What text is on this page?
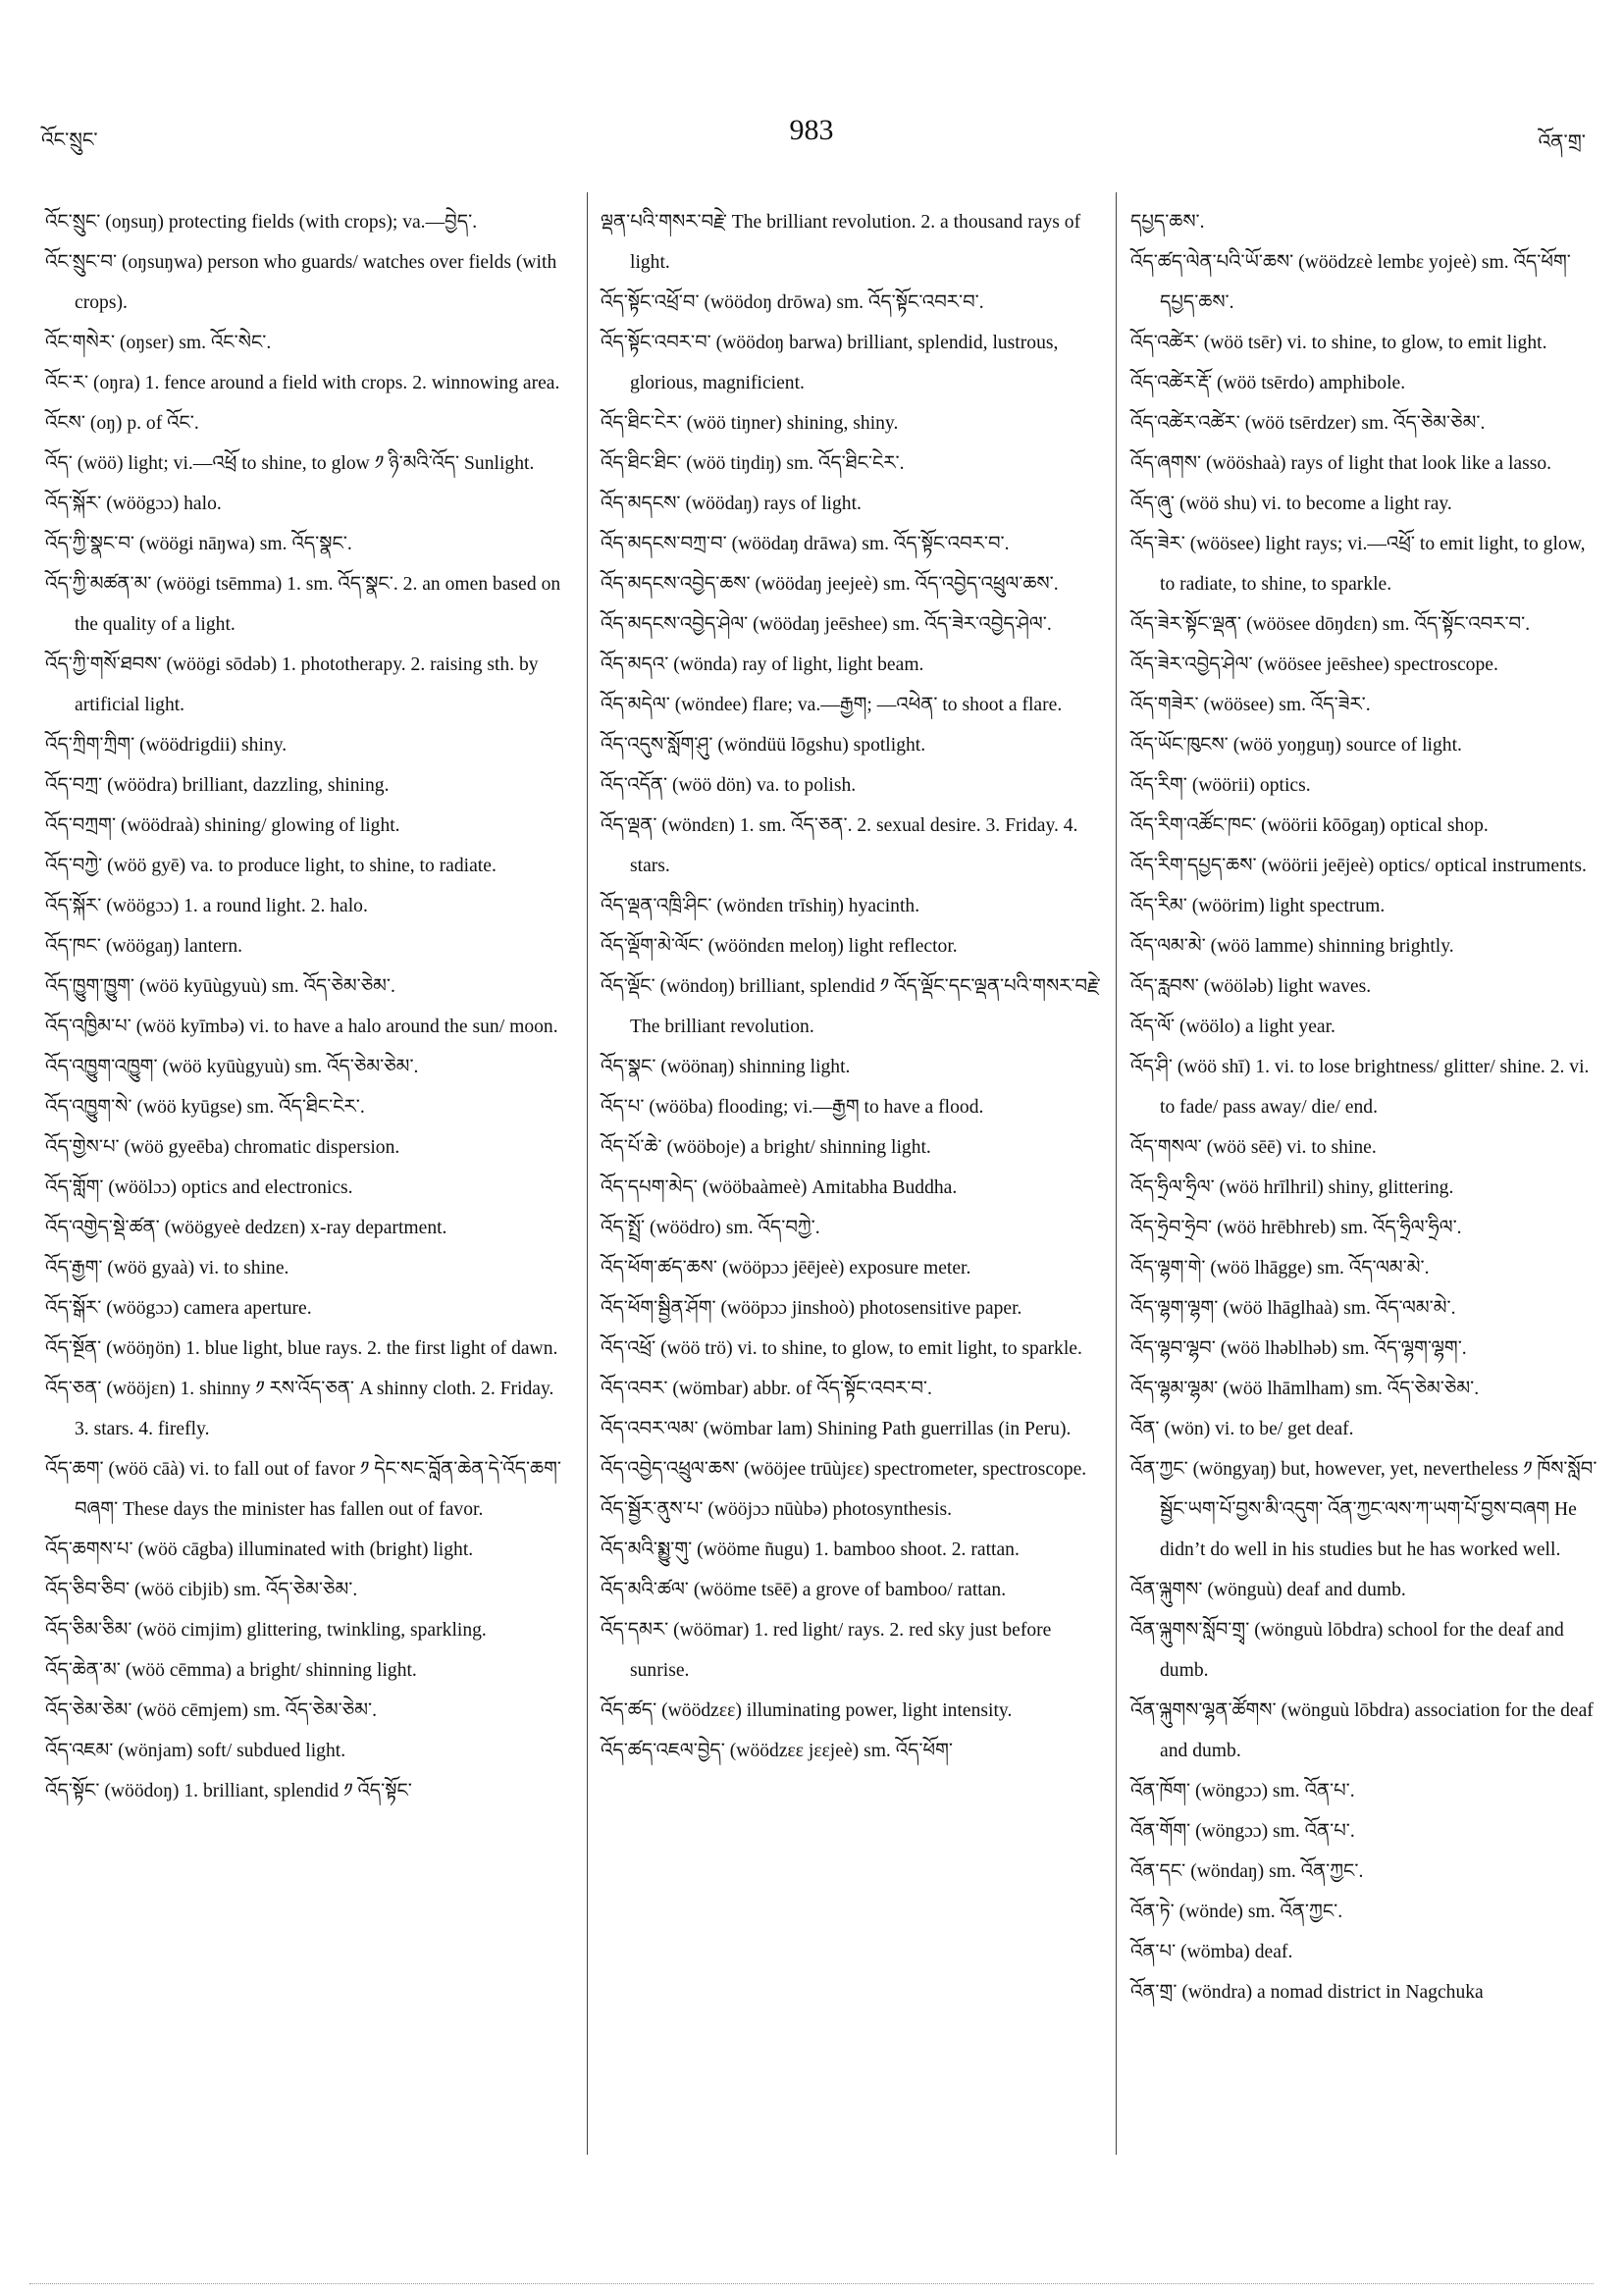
འོང་སྲུང་	983	འོན་གྲ་

འོང་སྲུང་ (oŋsuŋ) protecting fields (with crops); va.—བྱེད་.

འོང་སྲུང་བ་ (oŋsuŋwa) person who guards/ watches over fields (with crops).

འོང་གསེར་ (oŋser) sm. འོང་སེང་.

འོང་ར་ (oŋra) 1. fence around a field with crops. 2. winnowing area.

འོངས་ (oŋ) p. of འོང་.

འོད་ (wöö) light; vi.—འཕྲོ to shine, to glow ༡ ཉི་མའི་འོད་ Sunlight.

འོད་སྐོར་ (wöögɔɔ) halo.

འོད་ཀྱི་སྣང་བ་ (wöögi nāŋwa) sm. འོད་སྣང་.

འོད་ཀྱི་མཚན་མ་ (wöögi tsēmma) 1. sm. འོད་སྣང་. 2. an omen based on the quality of a light.

འོད་ཀྱི་གསོ་ཐབས་ (wöögi sōdəb) 1. phototherapy. 2. raising sth. by artificial light.

འོད་ཀྲིག་ཀྲིག་ (wöödrigdii) shiny.

འོད་བཀྲ་ (wöödra) brilliant, dazzling, shining.

འོད་བཀྲག་ (wöödraà) shining/ glowing of light.

འོད་བཀྱེ་ (wöö gyē) va. to produce light, to shine, to radiate.

འོད་སྐོར་ (wöögɔɔ) 1. a round light. 2. halo.

འོད་ཁང་ (wöögaŋ) lantern.

འོད་ཁྱུག་ཁྱུག་ (wöö kyūùgyuù) sm. འོད་ཅེམ་ཅེམ་.

འོད་འཁྱིམ་པ་ (wöö kyīmbə) vi. to have a halo around the sun/ moon.

འོད་འཁྱུག་འཁྱུག་ (wöö kyūùgyuù) sm. འོད་ཅེམ་ཅེམ་.

འོད་འཁྱུག་སེ་ (wöö kyūgse) sm. འོད་ཐིང་ངེར་.

འོད་གྱེས་པ་ (wöö gyeēba) chromatic dispersion.

འོད་གློག་ (wöölɔɔ) optics and electronics.

འོད་འགྱེད་སྡེ་ཚན་ (wöögyeè dedzɛn) x-ray department.

འོད་རྒྱག་ (wöö gyaà) vi. to shine.

འོད་སྒོར་ (wöögɔɔ) camera aperture.

འོད་སྔོན་ (wööŋön) 1. blue light, blue rays. 2. the first light of dawn.

འོད་ཅན་ (wööjɛn) 1. shinny ༡ རས་འོད་ཅན་ A shinny cloth. 2. Friday. 3. stars. 4. firefly.

འོད་ཆག་ (wöö cāà) vi. to fall out of favor ༡ དེང་སང་བློན་ཆེན་དེ་འོད་ཆག་བཞག་ These days the minister has fallen out of favor.

འོད་ཆགས་པ་ (wöö cāgba) illuminated with (bright) light.

འོད་ཅིབ་ཅིབ་ (wöö cibjib) sm. འོད་ཅེམ་ཅེམ་.

འོད་ཅིམ་ཅིམ་ (wöö cimjim) glittering, twinkling, sparkling.

འོད་ཆེན་མ་ (wöö cēmma) a bright/ shinning light.

འོད་ཅེམ་ཅེམ་ (wöö cēmjem) sm. འོད་ཅེམ་ཅེམ་.

འོད་འཇམ་ (wönjam) soft/ subdued light.

འོད་སྟོང་ (wöödoŋ) 1. brilliant, splendid ༡ འོད་སྟོང་

ལྡན་པའི་གསར་བརྗེ་ The brilliant revolution. 2. a thousand rays of light.

འོད་སྟོང་འཕྲོ་བ་ (wöödoŋ drōwa) sm. འོད་སྟོང་འབར་བ་.

འོད་སྟོང་འབར་བ་ (wöödoŋ barwa) brilliant, splendid, lustrous, glorious, magnificient.

འོད་ཐིང་ངེར་ (wöö tiŋner) shining, shiny.

འོད་ཐིང་ཐིང་ (wöö tiŋdiŋ) sm. འོད་ཐིང་ངེར་.

འོད་མདངས་ (wöödaŋ) rays of light.

འོད་མདངས་བཀྲ་བ་ (wöödaŋ drāwa) sm. འོད་སྟོང་འབར་བ་.

འོད་མདངས་འབྱེད་ཆས་ (wöödaŋ jeejeè) sm. འོད་འབྱེད་འཕྲུལ་ཆས་.

འོད་མདངས་འབྱེད་ཤེལ་ (wöödaŋ jeēshee) sm. འོད་ཟེར་འབྱེད་ཤེལ་.

འོད་མདའ་ (wönda) ray of light, light beam.

འོད་མདེལ་ (wöndee) flare; va.—རྒྱག; —འཕེན་ to shoot a flare.

འོད་འདུས་སློག་ཤུ་ (wöndüü lōgshu) spotlight.

འོད་འདོན་ (wöö dön) va. to polish.

འོད་ལྡན་ (wöndɛn) 1. sm. འོད་ཅན་. 2. sexual desire. 3. Friday. 4. stars.

འོད་ལྡན་འཁྲི་ཤིང་ (wöndɛn trīshiŋ) hyacinth.

འོད་ལྡོག་མེ་ལོང་ (wööndɛn meloŋ) light reflector.

འོད་ལྡོང་ (wöndoŋ) brilliant, splendid ༡ འོད་ལྡོང་དང་ལྡན་པའི་གསར་བརྗེ་ The brilliant revolution.

འོད་སྣང་ (wöönaŋ) shinning light.

འོད་པ་ (wööba) flooding; vi.—རྒྱག to have a flood.

འོད་པོ་ཆེ་ (wööboje) a bright/ shinning light.

འོད་དཔག་མེད་ (wööbaàmeè) Amitabha Buddha.

འོད་སྤྲོ་ (wöödro) sm. འོད་བཀྱེ་.

འོད་ཕོག་ཚད་ཆས་ (wööpɔɔ jēējeè) exposure meter.

འོད་ཕོག་སྦྱིན་ཤོག་ (wööpɔɔ jinshoò) photosensitive paper.

འོད་འཕྲོ་ (wöö trö) vi. to shine, to glow, to emit light, to sparkle.

འོད་འབར་ (wömbar) abbr. of འོད་སྟོང་འབར་བ་.

འོད་འབར་ལམ་ (wömbar lam) Shining Path guerrillas (in Peru).

འོད་འབྱེད་འཕྲུལ་ཆས་ (wööjee trūùjɛɛ) spectrometer, spectroscope.

འོད་སྦྱོར་ནུས་པ་ (wööjɔɔ nūùbə) photosynthesis.

འོད་མའི་སྨྱུ་གུ་ (wööme ñugu) 1. bamboo shoot. 2. rattan.

འོད་མའི་ཚལ་ (wööme tsēē) a grove of bamboo/ rattan.

འོད་དམར་ (wöömar) 1. red light/ rays. 2. red sky just before sunrise.

འོད་ཚད་ (wöödzɛɛ) illuminating power, light intensity.

འོད་ཚད་འཇལ་བྱེད་ (wöödzɛɛ jɛɛjeè) sm. འོད་ཕོག་

དཔྱད་ཆས་.

འོད་ཚད་ལེན་པའི་ཡོ་ཆས་ (wöödzɛè lembɛ yojeè) sm. འོད་ཕོག་དཔྱད་ཆས་.

འོད་འཚེར་ (wöö tsēr) vi. to shine, to glow, to emit light.

འོད་འཚེར་རྡོ་ (wöö tsērdo) amphibole.

འོད་འཚེར་འཚེར་ (wöö tsērdzer) sm. འོད་ཅེམ་ཅེམ་.

འོད་ཞགས་ (wööshaà) rays of light that look like a lasso.

འོད་ཞུ་ (wöö shu) vi. to become a light ray.

འོད་ཟེར་ (wöösee) light rays; vi.—འཕྲོ་ to emit light, to glow, to radiate, to shine, to sparkle.

འོད་ཟེར་སྟོང་ལྡན་ (wöösee dōŋdɛn) sm. འོད་སྟོང་འབར་བ་.

འོད་ཟེར་འབྱེད་ཤེལ་ (wöösee jeēshee) spectroscope.

འོད་གཟེར་ (wöösee) sm. འོད་ཟེར་.

འོད་ཡོང་ཁུངས་ (wöö yoŋguŋ) source of light.

འོད་རིག་ (wöörii) optics.

འོད་རིག་འཚོང་ཁང་ (wöörii kōōgaŋ) optical shop.

འོད་རིག་དཔྱད་ཆས་ (wöörii jeējeè) optics/ optical instruments.

འོད་རིམ་ (wöörim) light spectrum.

འོད་ལམ་མེ་ (wöö lamme) shinning brightly.

འོད་རླབས་ (wööləb) light waves.

འོད་ལོ་ (wöölo) a light year.

འོད་ཤི་ (wöö shī) 1. vi. to lose brightness/ glitter/ shine. 2. vi. to fade/ pass away/ die/ end.

འོད་གསལ་ (wöö sēē) vi. to shine.

འོད་ཧྲིལ་ཧྲིལ་ (wöö hrīlhril) shiny, glittering.

འོད་ཧྲེབ་ཧྲེབ་ (wöö hrēbhreb) sm. འོད་ཧྲིལ་ཧྲིལ་.

འོད་ལྷག་གེ་ (wöö lhāgge) sm. འོད་ལམ་མེ་.

འོད་ལྷག་ལྷག་ (wöö lhāglhaà) sm. འོད་ལམ་མེ་.

འོད་ལྷབ་ལྷབ་ (wöö lhəblhəb) sm. འོད་ལྷག་ལྷག་.

འོད་ལྷམ་ལྷམ་ (wöö lhāmlham) sm. འོད་ཅེམ་ཅེམ་.

འོན་ (wön) vi. to be/ get deaf.

འོན་ཀྱང་ (wöngyaŋ) but, however, yet, nevertheless ༡ ཁོས་སློབ་སྦྱོང་ཡག་པོ་བྱས་མི་འདུག་ འོན་ཀྱང་ལས་ཀ་ཡག་པོ་བྱས་བཞག He didn’t do well in his studies but he has worked well.

འོན་ལྐུགས་ (wönguù) deaf and dumb.

འོན་ལྐུགས་སློབ་གྲྭ་ (wönguù lōbdra) school for the deaf and dumb.

འོན་ལྐུགས་ལྷན་ཚོགས་ (wönguù lōbdra) association for the deaf and dumb.

འོན་ཁོག་ (wöngɔɔ) sm. འོན་པ་.

འོན་གོག་ (wöngɔɔ) sm. འོན་པ་.

འོན་དང་ (wöndaŋ) sm. འོན་ཀྱང་.

འོན་ཏེ་ (wönde) sm. འོན་ཀྱང་.

འོན་པ་ (wömba) deaf.

འོན་གྲ་ (wöndra) a nomad district in Nagchuka
